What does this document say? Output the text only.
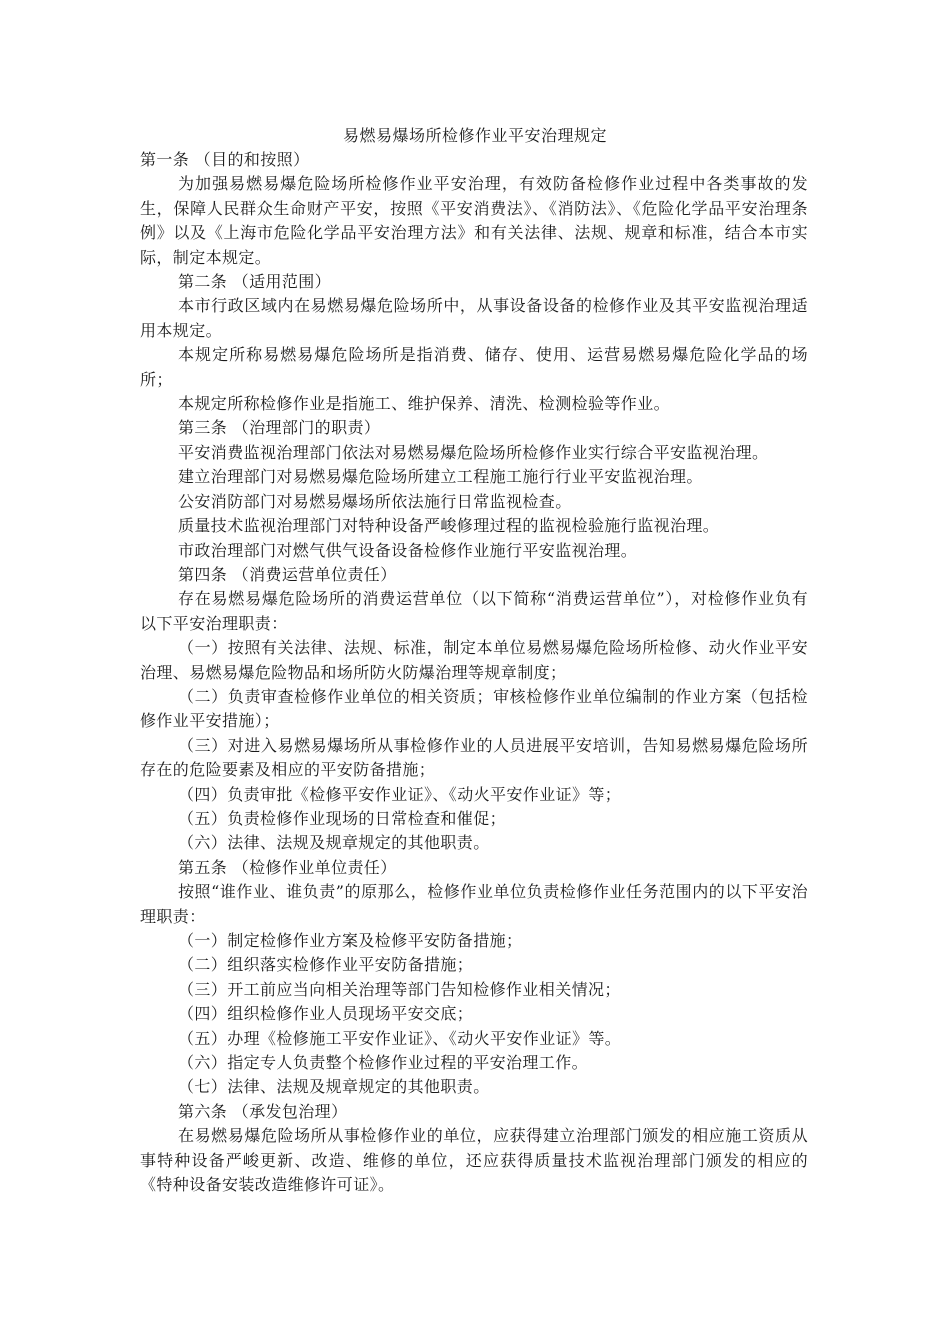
易燃易爆场所检修作业平安治理规定

第一条 （目的和按照）

为加强易燃易爆危险场所检修作业平安治理，有效防备检修作业过程中各类事故的发生，保障人民群众生命财产平安，按照《平安消费法》、《消防法》、《危险化学品平安治理条例》以及《上海市危险化学品平安治理方法》和有关法律、法规、规章和标准，结合本市实际，制定本规定。

第二条 （适用范围）

本市行政区域内在易燃易爆危险场所中，从事设备设备的检修作业及其平安监视治理适用本规定。

本规定所称易燃易爆危险场所是指消费、储存、使用、运营易燃易爆危险化学品的场所；

本规定所称检修作业是指施工、维护保养、清洗、检测检验等作业。

第三条 （治理部门的职责）

平安消费监视治理部门依法对易燃易爆危险场所检修作业实行综合平安监视治理。

建立治理部门对易燃易爆危险场所建立工程施工施行行业平安监视治理。

公安消防部门对易燃易爆场所依法施行日常监视检查。

质量技术监视治理部门对特种设备严峻修理过程的监视检验施行监视治理。

市政治理部门对燃气供气设备设备检修作业施行平安监视治理。

第四条 （消费运营单位责任）

存在易燃易爆危险场所的消费运营单位（以下简称“消费运营单位”），对检修作业负有以下平安治理职责：

（一）按照有关法律、法规、标准，制定本单位易燃易爆危险场所检修、动火作业平安治理、易燃易爆危险物品和场所防火防爆治理等规章制度；

（二）负责审查检修作业单位的相关资质；审核检修作业单位编制的作业方案（包括检修作业平安措施）；

（三）对进入易燃易爆场所从事检修作业的人员进展平安培训，告知易燃易爆危险场所存在的危险要素及相应的平安防备措施；

（四）负责审批《检修平安作业证》、《动火平安作业证》等；

（五）负责检修作业现场的日常检查和催促；

（六）法律、法规及规章规定的其他职责。

第五条 （检修作业单位责任）

按照“谁作业、谁负责”的原那么，检修作业单位负责检修作业任务范围内的以下平安治理职责：

（一）制定检修作业方案及检修平安防备措施；

（二）组织落实检修作业平安防备措施；

（三）开工前应当向相关治理等部门告知检修作业相关情况；

（四）组织检修作业人员现场平安交底；

（五）办理《检修施工平安作业证》、《动火平安作业证》等。

（六）指定专人负责整个检修作业过程的平安治理工作。

（七）法律、法规及规章规定的其他职责。

第六条 （承发包治理）

在易燃易爆危险场所从事检修作业的单位，应获得建立治理部门颁发的相应施工资质从事特种设备严峻更新、改造、维修的单位，还应获得质量技术监视治理部门颁发的相应的《特种设备安装改造维修许可证》。
